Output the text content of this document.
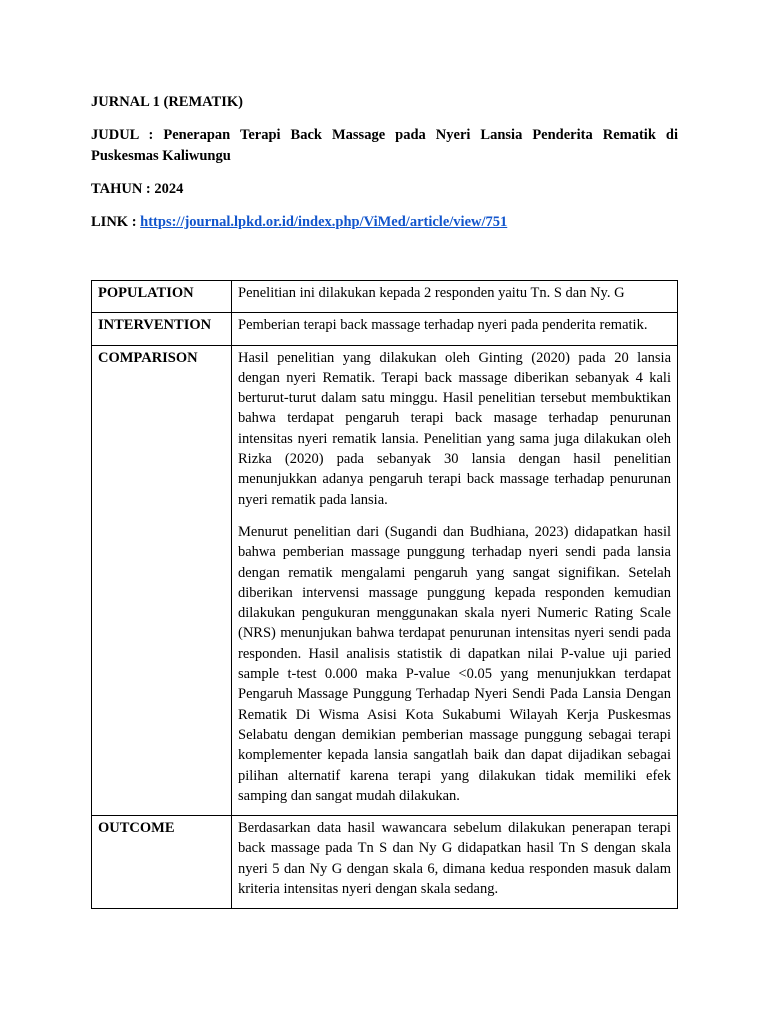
JURNAL 1 (REMATIK)

JUDUL : Penerapan Terapi Back Massage pada Nyeri Lansia Penderita Rematik di Puskesmas Kaliwungu

TAHUN : 2024

LINK : https://journal.lpkd.or.id/index.php/ViMed/article/view/751

POPULATION	Penelitian ini dilakukan kepada 2 responden yaitu Tn. S dan Ny. G

INTERVENTION	Pemberian terapi back massage terhadap nyeri pada penderita rematik.

COMPARISON	Hasil penelitian yang dilakukan oleh Ginting (2020) pada 20 lansia dengan nyeri Rematik. Terapi back massage diberikan sebanyak 4 kali berturut-turut dalam satu minggu. Hasil penelitian tersebut membuktikan bahwa terdapat pengaruh terapi back masage terhadap penurunan intensitas nyeri rematik lansia. Penelitian yang sama juga dilakukan oleh Rizka (2020) pada sebanyak 30 lansia dengan hasil penelitian menunjukkan adanya pengaruh terapi back massage terhadap penurunan nyeri rematik pada lansia.

Menurut penelitian dari (Sugandi dan Budhiana, 2023) didapatkan hasil bahwa pemberian massage punggung terhadap nyeri sendi pada lansia dengan rematik mengalami pengaruh yang sangat signifikan. Setelah diberikan intervensi massage punggung kepada responden kemudian dilakukan pengukuran menggunakan skala nyeri Numeric Rating Scale (NRS) menunjukan bahwa terdapat penurunan intensitas nyeri sendi pada responden. Hasil analisis statistik di dapatkan nilai P-value uji paried sample t-test 0.000 maka P-value <0.05 yang menunjukkan terdapat Pengaruh Massage Punggung Terhadap Nyeri Sendi Pada Lansia Dengan Rematik Di Wisma Asisi Kota Sukabumi Wilayah Kerja Puskesmas Selabatu dengan demikian pemberian massage punggung sebagai terapi komplementer kepada lansia sangatlah baik dan dapat dijadikan sebagai pilihan alternatif karena terapi yang dilakukan tidak memiliki efek samping dan sangat mudah dilakukan.

OUTCOME	Berdasarkan data hasil wawancara sebelum dilakukan penerapan terapi back massage pada Tn S dan Ny G didapatkan hasil Tn S dengan skala nyeri 5 dan Ny G dengan skala 6, dimana kedua responden masuk dalam kriteria intensitas nyeri dengan skala sedang.
